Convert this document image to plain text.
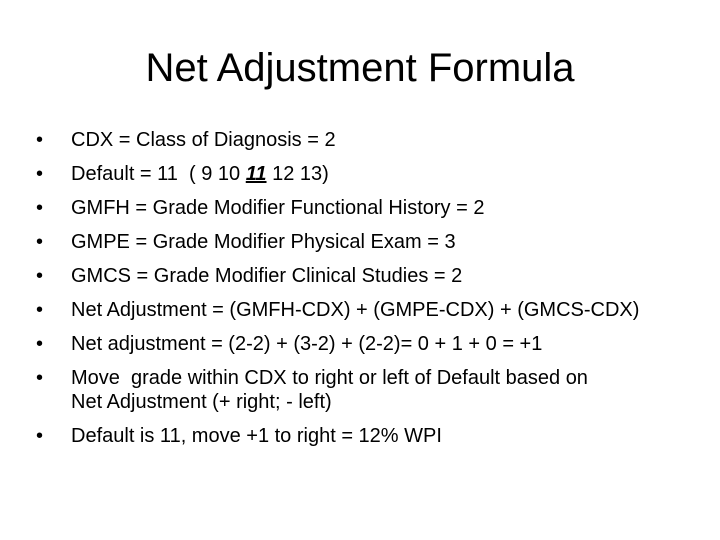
Net Adjustment Formula
•	CDX = Class of Diagnosis = 2
•	Default = 11  ( 9 10 11 12 13)
•	GMFH = Grade Modifier Functional History = 2
•	GMPE = Grade Modifier Physical Exam = 3
•	GMCS = Grade Modifier Clinical Studies = 2
•	Net Adjustment = (GMFH-CDX) + (GMPE-CDX) + (GMCS-CDX)
•	Net adjustment = (2-2) + (3-2) + (2-2)= 0 + 1 + 0 = +1
•	Move  grade within CDX to right or left of Default based on
Net Adjustment (+ right; - left)
•	Default is 11, move +1 to right = 12% WPI
